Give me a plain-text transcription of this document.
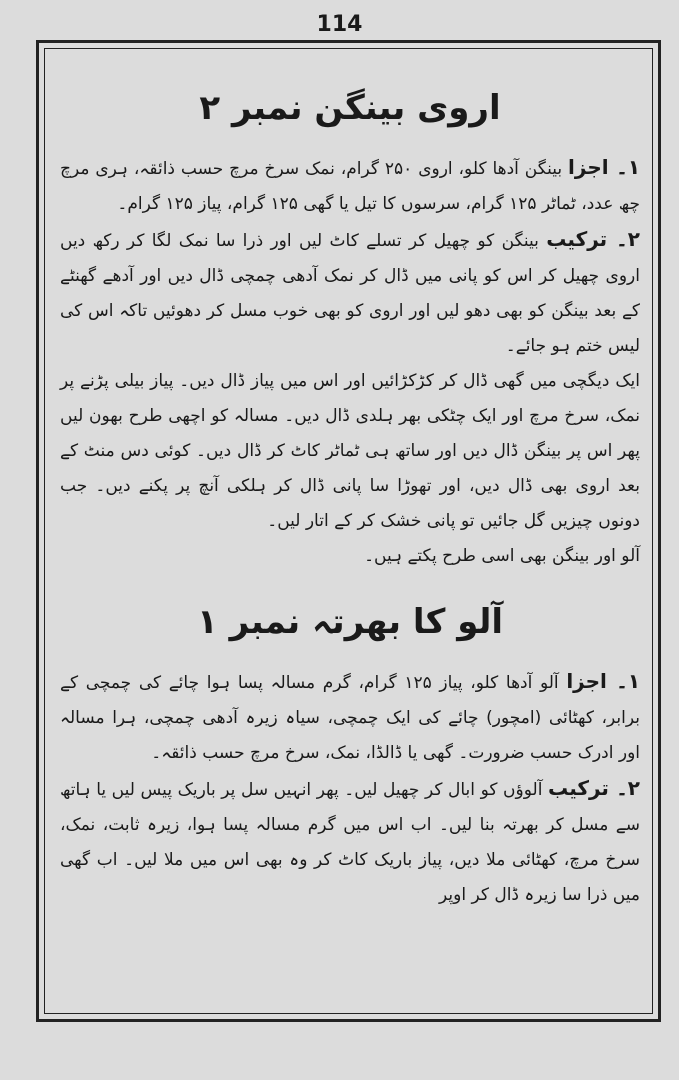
114
اروی بینگن نمبر ۲

۱۔ اجزا بینگن آدھا کلو، اروی ۲۵۰ گرام، نمک سرخ مرچ حسب ذائقہ، ہری مرچ چھ عدد، ٹماٹر ۱۲۵ گرام، سرسوں کا تیل یا گھی ۱۲۵ گرام، پیاز ۱۲۵ گرام۔

۲۔ ترکیب بینگن کو چھیل کر تسلے کاٹ لیں اور ذرا سا نمک لگا کر رکھ دیں اروی چھیل کر اس کو پانی میں ڈال کر نمک آدھی چمچی ڈال دیں اور آدھے گھنٹے کے بعد بینگن کو بھی دھو لیں اور اروی کو بھی خوب مسل کر دھوئیں تاکہ اس کی لیس ختم ہو جائے۔

ایک دیگچی میں گھی ڈال کر کڑکڑائیں اور اس میں پیاز ڈال دیں۔ پیاز بیلی پڑنے پر نمک، سرخ مرچ اور ایک چٹکی بھر ہلدی ڈال دیں۔ مسالہ کو اچھی طرح بھون لیں پھر اس پر بینگن ڈال دیں اور ساتھ ہی ٹماٹر کاٹ کر ڈال دیں۔ کوئی دس منٹ کے بعد اروی بھی ڈال دیں، اور تھوڑا سا پانی ڈال کر ہلکی آنچ پر پکنے دیں۔ جب دونوں چیزیں گل جائیں تو پانی خشک کر کے اتار لیں۔

آلو اور بینگن بھی اسی طرح پکتے ہیں۔

آلو کا بھرتہ نمبر ۱

۱۔ اجزا آلو آدھا کلو، پیاز ۱۲۵ گرام، گرم مسالہ پسا ہوا چائے کی چمچی کے برابر، کھٹائی (امچور) چائے کی ایک چمچی، سیاہ زیرہ آدھی چمچی، ہرا مسالہ اور ادرک حسب ضرورت۔ گھی یا ڈالڈا، نمک، سرخ مرچ حسب ذائقہ۔

۲۔ ترکیب آلوؤں کو ابال کر چھیل لیں۔ پھر انہیں سل پر باریک پیس لیں یا ہاتھ سے مسل کر بھرتہ بنا لیں۔ اب اس میں گرم مسالہ پسا ہوا، زیرہ ثابت، نمک، سرخ مرچ، کھٹائی ملا دیں، پیاز باریک کاٹ کر وہ بھی اس میں ملا لیں۔ اب گھی میں ذرا سا زیرہ ڈال کر اوپر
